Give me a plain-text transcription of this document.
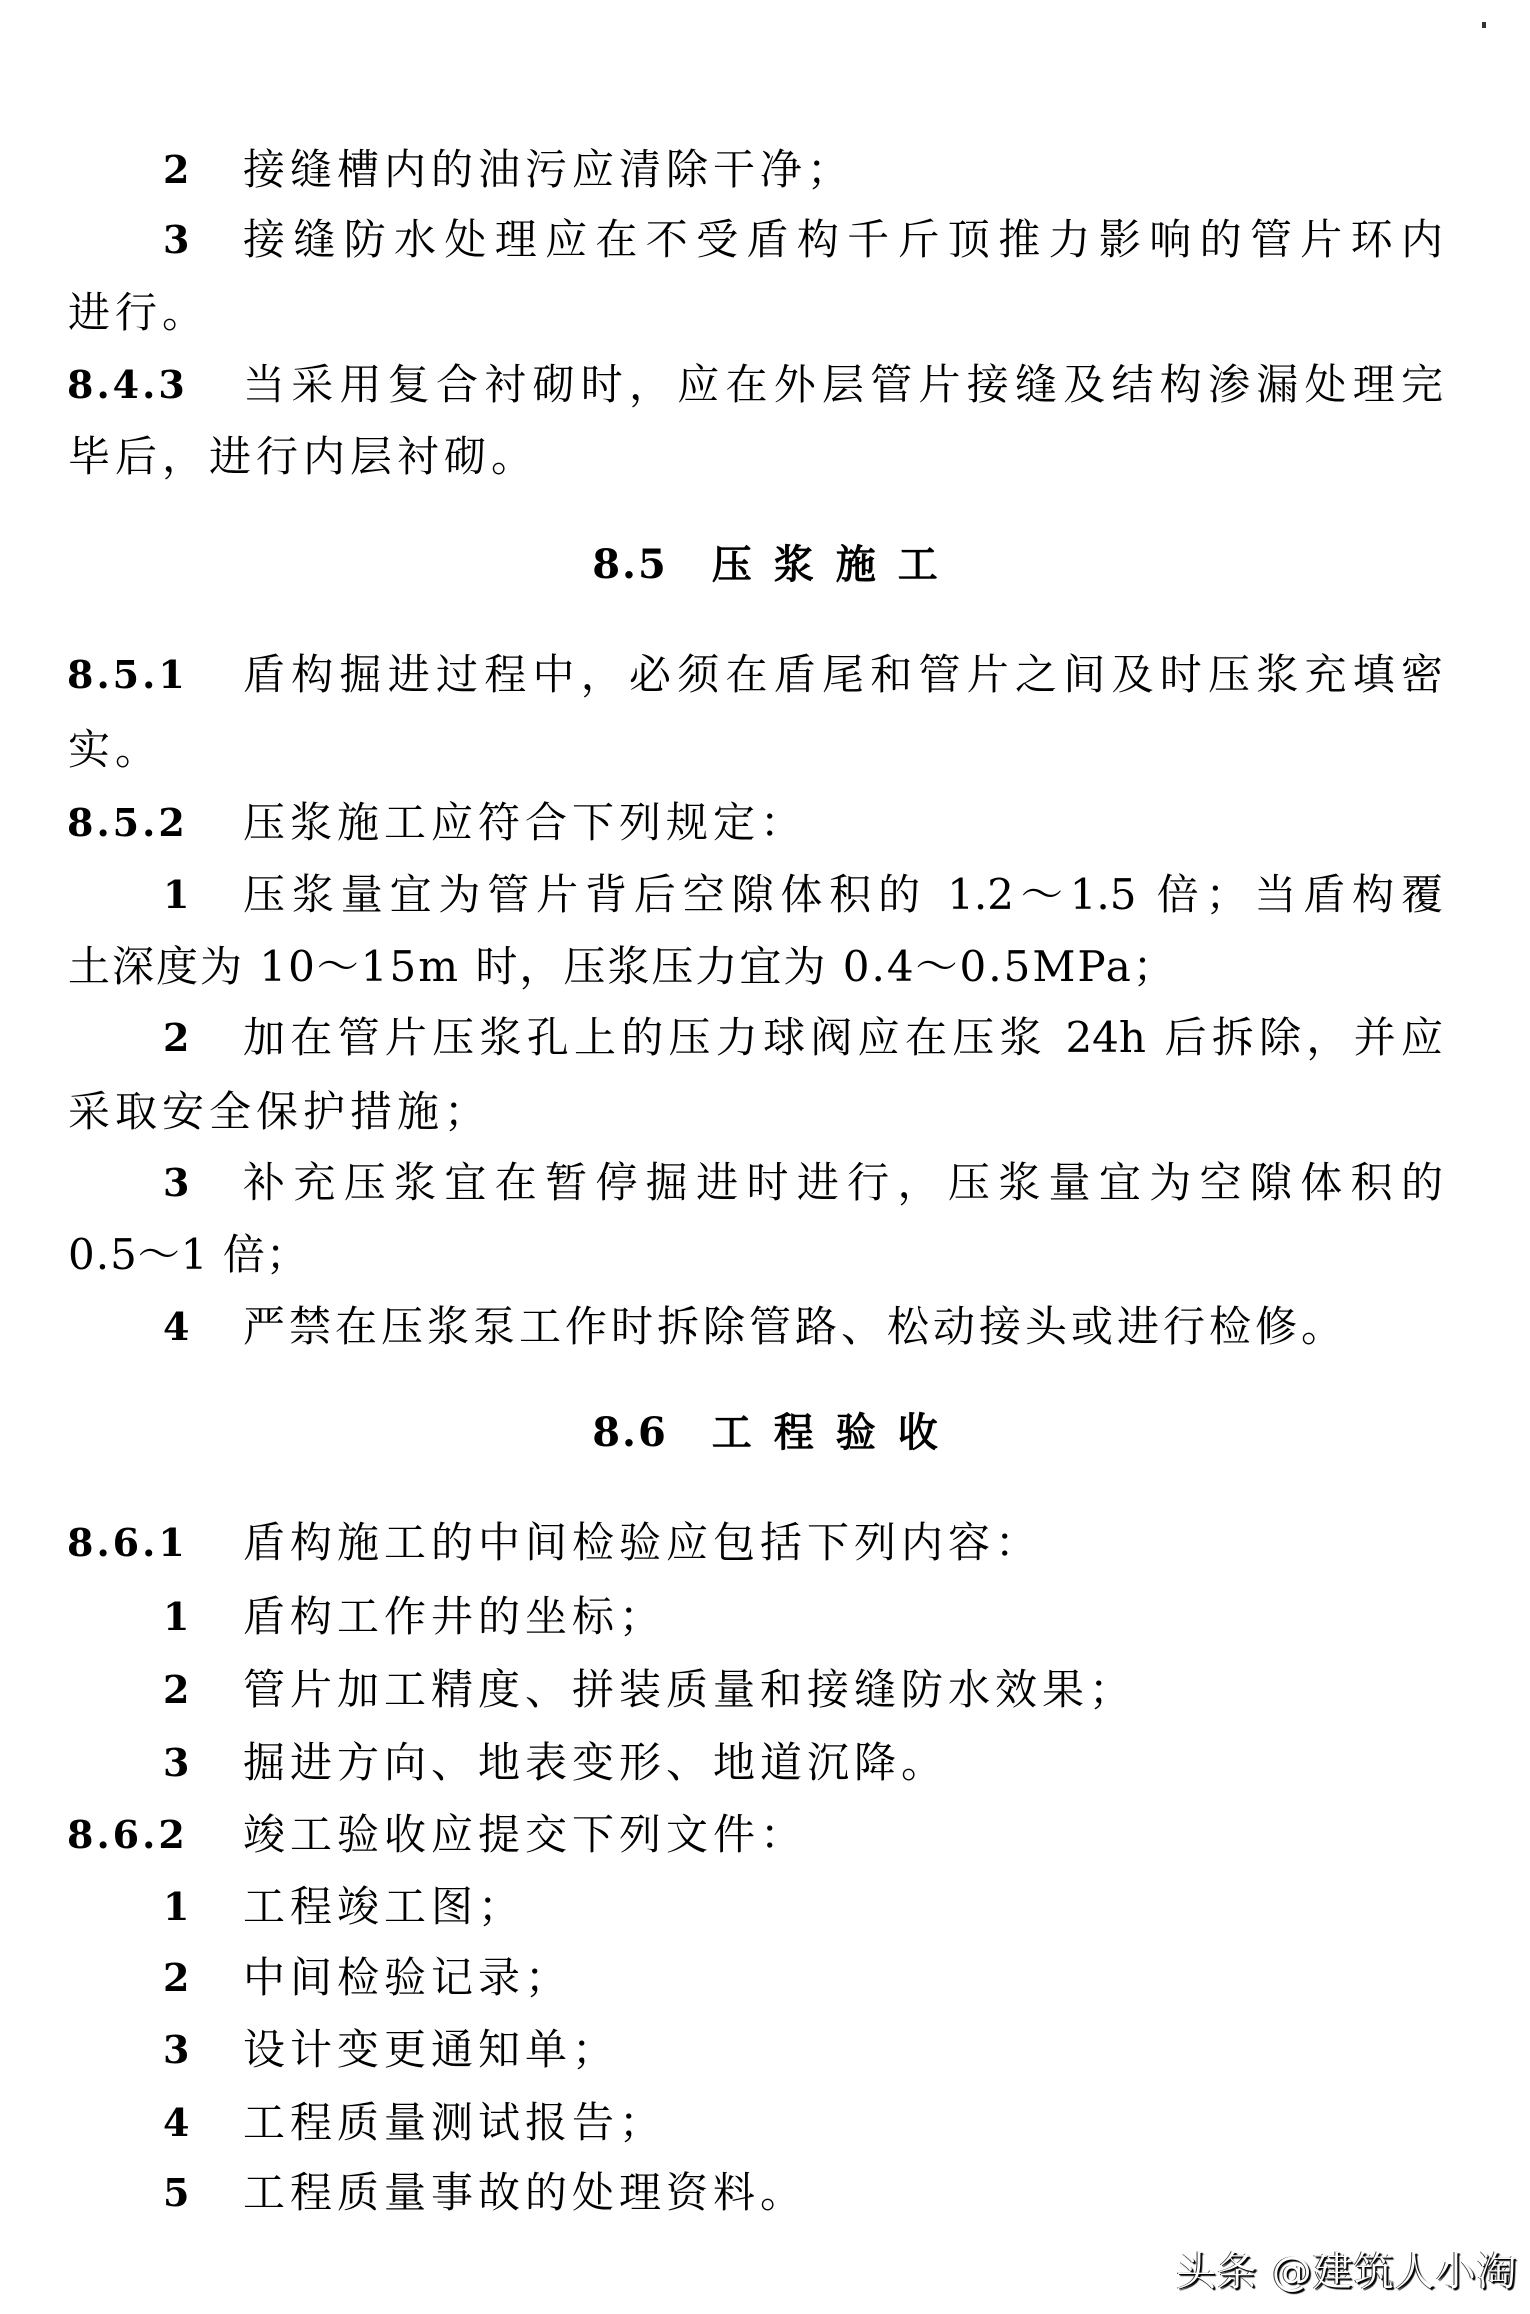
2 接缝槽内的油污应清除干净；
3 接缝防水处理应在不受盾构千斤顶推力影响的管片环内
进行。
8.4.3 当采用复合衬砌时，应在外层管片接缝及结构渗漏处理完
毕后，进行内层衬砌。
8.5 压浆施工
8.5.1 盾构掘进过程中，必须在盾尾和管片之间及时压浆充填密
实。
8.5.2 压浆施工应符合下列规定：
1 压浆量宜为管片背后空隙体积的 1.2～1.5 倍；当盾构覆
土深度为 10～15m 时，压浆压力宜为 0.4～0.5MPa；
2 加在管片压浆孔上的压力球阀应在压浆 24h 后拆除，并应
采取安全保护措施；
3 补充压浆宜在暂停掘进时进行，压浆量宜为空隙体积的
0.5～1 倍；
4 严禁在压浆泵工作时拆除管路、松动接头或进行检修。
8.6 工程验收
8.6.1 盾构施工的中间检验应包括下列内容：
1 盾构工作井的坐标；
2 管片加工精度、拼装质量和接缝防水效果；
3 掘进方向、地表变形、地道沉降。
8.6.2 竣工验收应提交下列文件：
1 工程竣工图；
2 中间检验记录；
3 设计变更通知单；
4 工程质量测试报告；
5 工程质量事故的处理资料。
头条 @建筑人小淘
